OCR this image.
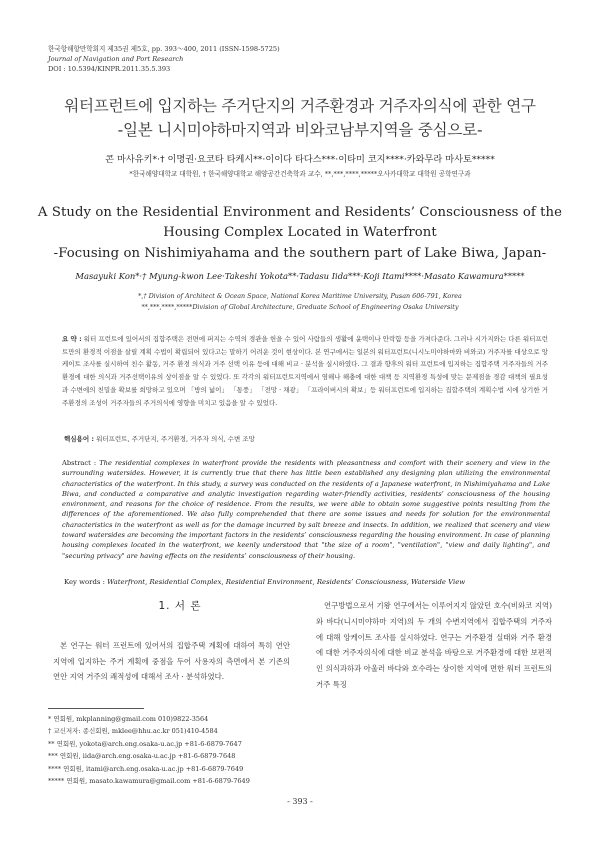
한국항해항만학회지 제35권 제5호, pp. 393～400, 2011 (ISSN-1598-5725)
Journal of Navigation and Port Research
DOI : 10.5394/KINPR.2011.35.5.393
워터프런트에 입지하는 주거단지의 거주환경과 거주자의식에 관한 연구
-일본 니시미야하마지역과 비와코남부지역을 중심으로-
콘 마사유키*·† 이명권·요코타 타케시**·이이다 타다스***·이타미 코지****·카와무라 마사토*****
*한국해양대학교 대학원, † 한국해양대학교 해양공간건축학과 교수, **,***,****,*****오사카대학교 대학원 공학연구과
A Study on the Residential Environment and Residents’ Consciousness of the
Housing Complex Located in Waterfront
-Focusing on Nishimiyahama and the southern part of Lake Biwa, Japan-
Masayuki Kon*·† Myung-kwon Lee·Takeshi Yokota**·Tadasu Iida***·Koji Itami****·Masato Kawamura*****
*,† Division of Architect & Ocean Space, National Korea Maritime University, Pusan 606-791, Korea
**,***,****,*****Division of Global Architecture, Greduate School of Engineering Osaka University
요 약 : 워터 프런트에 있어서의 집합주택은 전면에 퍼지는 수역의 경관을 헌을 수 있어 사람들의 생활에 윤택이나 안락함 등을 가져다준다. 그러나 시가지와는 다른 워터프런트만의 환경적 이점을 살릴 계획 수법이 확립되어 있다고는 말하기 어려운 것이 현상이다. 본 연구에서는 일본의 워터프런트(니시노미야하마와 비와코) 거주자를 대상으로 앙케이트 조사를 실시하여 친수 활동, 거주 환경 의식과 거주 선택 이유 등에 대해 비교 · 분석을 실시하였다. 그 결과 향후의 워터 프런트에 입지하는 집합주택 거주자들의 거주환경에 대한 의식과 거주선택이유의 상이점을 알 수 있었다. 또 각각의 워터프런트지역에서 염해나 해충에 대한 대책 등 지역환경 특성에 맞는 문제점을 경감 대책의 필요성과 수변에의 친밀을 확보를 희망하고 있으며 「방의 넓이」 「통풍」 「전망 · 채광」 「프라이버시의 확보」등 워터프런트에 입지하는 집합주택의 계획수법 시에 상기한 거주환경의 조성이 거주자들의 주거의식에 영향을 미치고 있음을 알 수 있었다.
핵심용어 : 워터프런트, 주거단지, 주거환경, 거주자 의식, 수변 조망
Abstract : The residential complexes in waterfront provide the residents with pleasantness and comfort with their scenery and view in the surrounding watersides. However, it is currently true that there has little been established any designing plan utilizing the environmental characteristics of the waterfront. In this study, a survey was conducted on the residents of a Japanese waterfront, in Nishimiyahama and Lake Biwa, and conducted a comparative and analytic investigation regarding water-friendly activities, residents’ consciousness of the housing environment, and reasons for the choice of residence. From the results, we were able to obtain some suggestive points resulting from the differences of the aforementioned. We also fully comprehended that there are some issues and needs for solution for the environmental characteristics in the waterfront as well as for the damage incurred by salt breeze and insects. In addition, we realized that scenery and view toward watersides are becoming the important factors in the residents’ consciousness regarding the housing environment. In case of planning housing complexes located in the waterfront, we keenly understood that "the size of a room", "ventilation", "view and daily lighting", and "securing privacy" are having effects on the residents’ consciousness of their housing.
Key words : Waterfront, Residential Complex, Residential Environment, Residents’ Consciousness, Waterside View
1. 서 론
본 연구는 워터 프런트에 있어서의 집합주택 계획에 대하여 특히 연안 지역에 입지하는 주거 계획에 중점을 두어 사용자의 측면에서 본 기존의 연안 지역 거주의 쾌적성에 대해서 조사 · 분석하였다.
연구방법으로서 기왕 연구에서는 이루어지지 않았던 호수(비와코 지역)와 바다(니시미야하마 지역)의 두 개의 수변지역에서 집합주택의 거주자에 대해 앙케이트 조사를 실시하였다. 연구는 거주환경 실태와 거주 환경에 대한 거주자의식에 대한 비교 분석을 바탕으로 거주환경에 대한 보편적인 의식과하과 아울러 바다와 호수라는 상이한 지역에 면한 워터 프런트의 거주 특징
* 연회원, mkplanning@gmail.com 010)9822-3564
† 교신저자: 종신회원, mklee@hhu.ac.kr 051)410-4584
** 연회원, yokota@arch.eng.osaka-u.ac.jp +81-6-6879-7647
*** 연회원, iida@arch.eng.osaka-u.ac.jp +81-6-6879-7648
**** 연회원, itami@arch.eng.osaka-u.ac.jp +81-6-6879-7649
***** 연회원, masato.kawamura@gmail.com +81-6-6879-7649
- 393 -
